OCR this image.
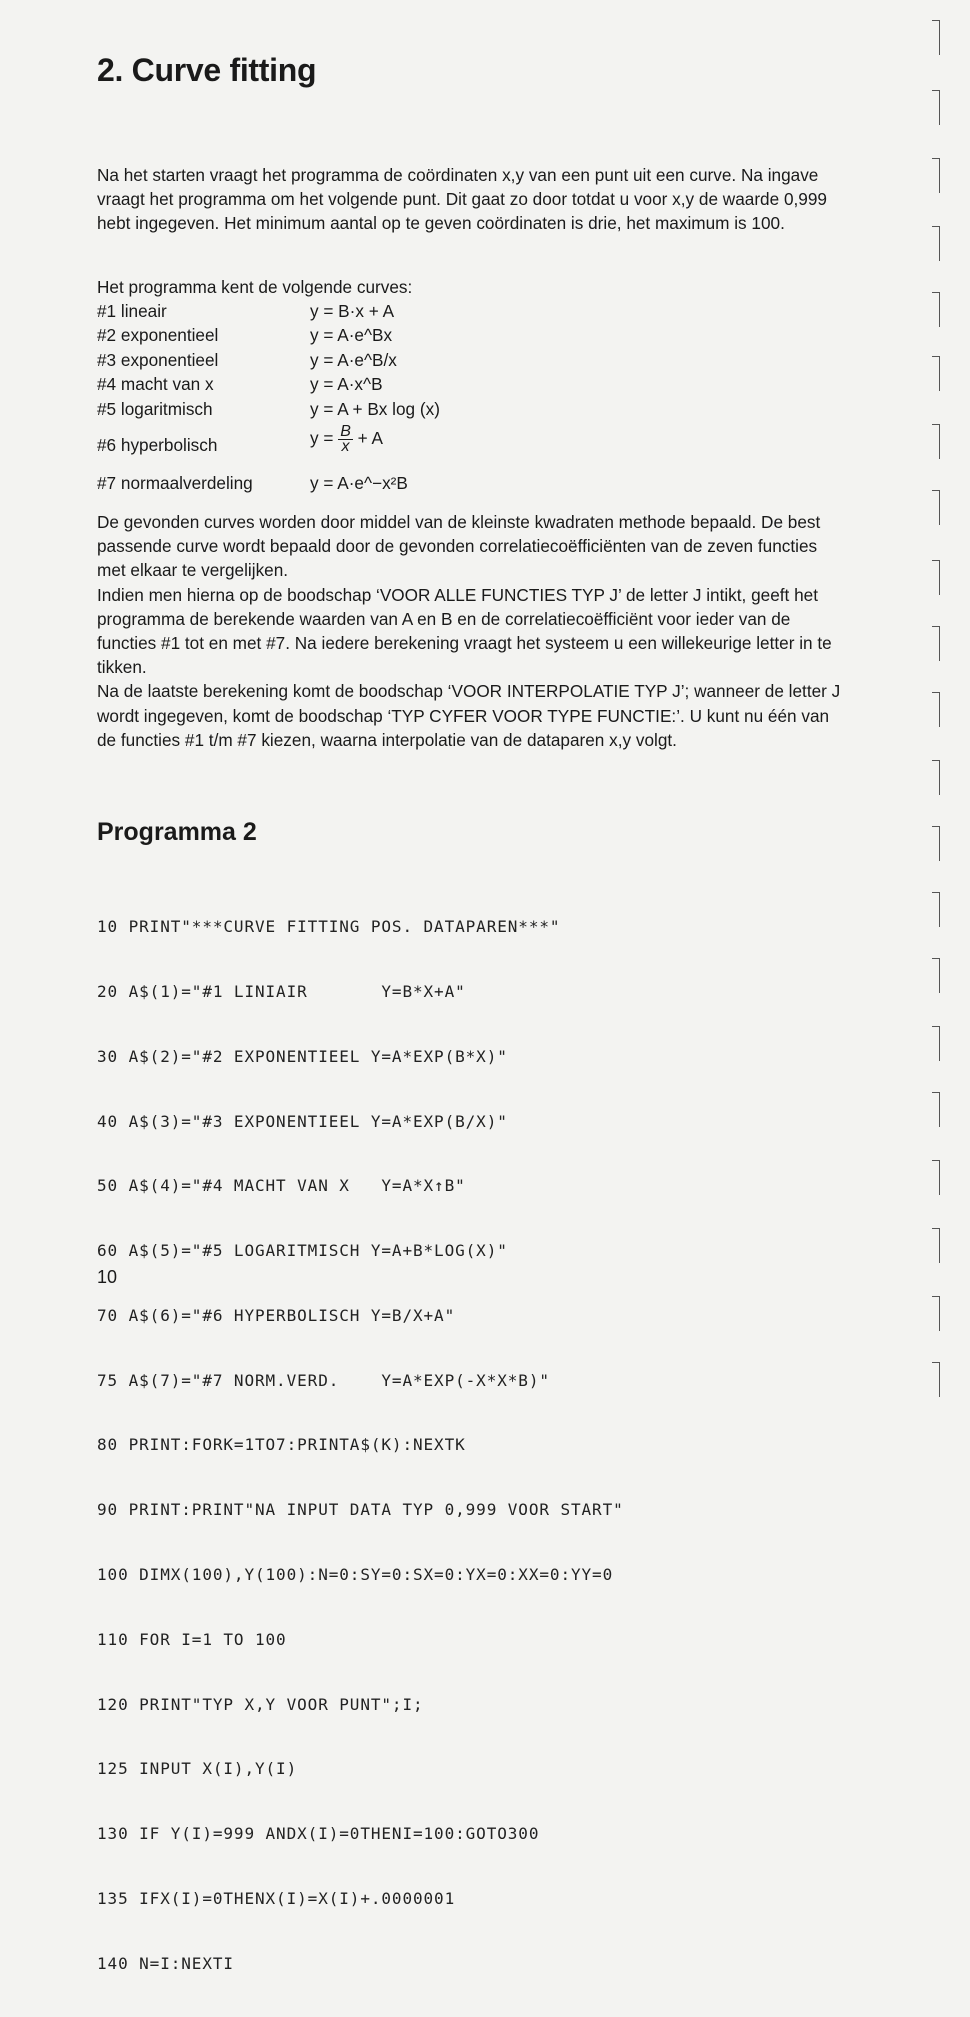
2. Curve fitting

Na het starten vraagt het programma de coördinaten x,y van een punt uit een curve. Na ingave vraagt het programma om het volgende punt. Dit gaat zo door totdat u voor x,y de waarde 0,999 hebt ingegeven. Het minimum aantal op te geven coördinaten is drie, het maximum is 100.

Het programma kent de volgende curves:
#1 lineair	y = B·x + A
#2 exponentieel	y = A·e^Bx
#3 exponentieel	y = A·e^B/x
#4 macht van x	y = A·x^B
#5 logaritmisch	y = A + Bx log (x)
#6 hyperbolisch	$y = \frac{B}{x} + A$
#7 normaalverdeling	y = A·e^−x²B

De gevonden curves worden door middel van de kleinste kwadraten methode bepaald. De best passende curve wordt bepaald door de gevonden correlatiecoëfficiënten van de zeven functies met elkaar te vergelijken.

Indien men hierna op de boodschap ‘VOOR ALLE FUNCTIES TYP J’ de letter J intikt, geeft het programma de berekende waarden van A en B en de correlatiecoëfficiënt voor ieder van de functies #1 tot en met #7. Na iedere berekening vraagt het systeem u een willekeurige letter in te tikken.

Na de laatste berekening komt de boodschap ‘VOOR INTERPOLATIE TYP J’; wanneer de letter J wordt ingegeven, komt de boodschap ‘TYP CYFER VOOR TYPE FUNCTIE:’. U kunt nu één van de functies #1 t/m #7 kiezen, waarna interpolatie van de dataparen x,y volgt.

Programma 2

10 PRINT"***CURVE FITTING POS. DATAPAREN***"

20 A$(1)="#1 LINIAIR       Y=B*X+A"

30 A$(2)="#2 EXPONENTIEEL Y=A*EXP(B*X)"

40 A$(3)="#3 EXPONENTIEEL Y=A*EXP(B/X)"

50 A$(4)="#4 MACHT VAN X   Y=A*X↑B"

60 A$(5)="#5 LOGARITMISCH Y=A+B*LOG(X)"

70 A$(6)="#6 HYPERBOLISCH Y=B/X+A"

75 A$(7)="#7 NORM.VERD.    Y=A*EXP(-X*X*B)"

80 PRINT:FORK=1TO7:PRINTA$(K):NEXTK

90 PRINT:PRINT"NA INPUT DATA TYP 0,999 VOOR START"

100 DIMX(100),Y(100):N=0:SY=0:SX=0:YX=0:XX=0:YY=0

110 FOR I=1 TO 100

120 PRINT"TYP X,Y VOOR PUNT";I;

125 INPUT X(I),Y(I)

130 IF Y(I)=999 ANDX(I)=0THENI=100:GOTO300

135 IFX(I)=0THENX(I)=X(I)+.0000001

140 N=I:NEXTI

10
